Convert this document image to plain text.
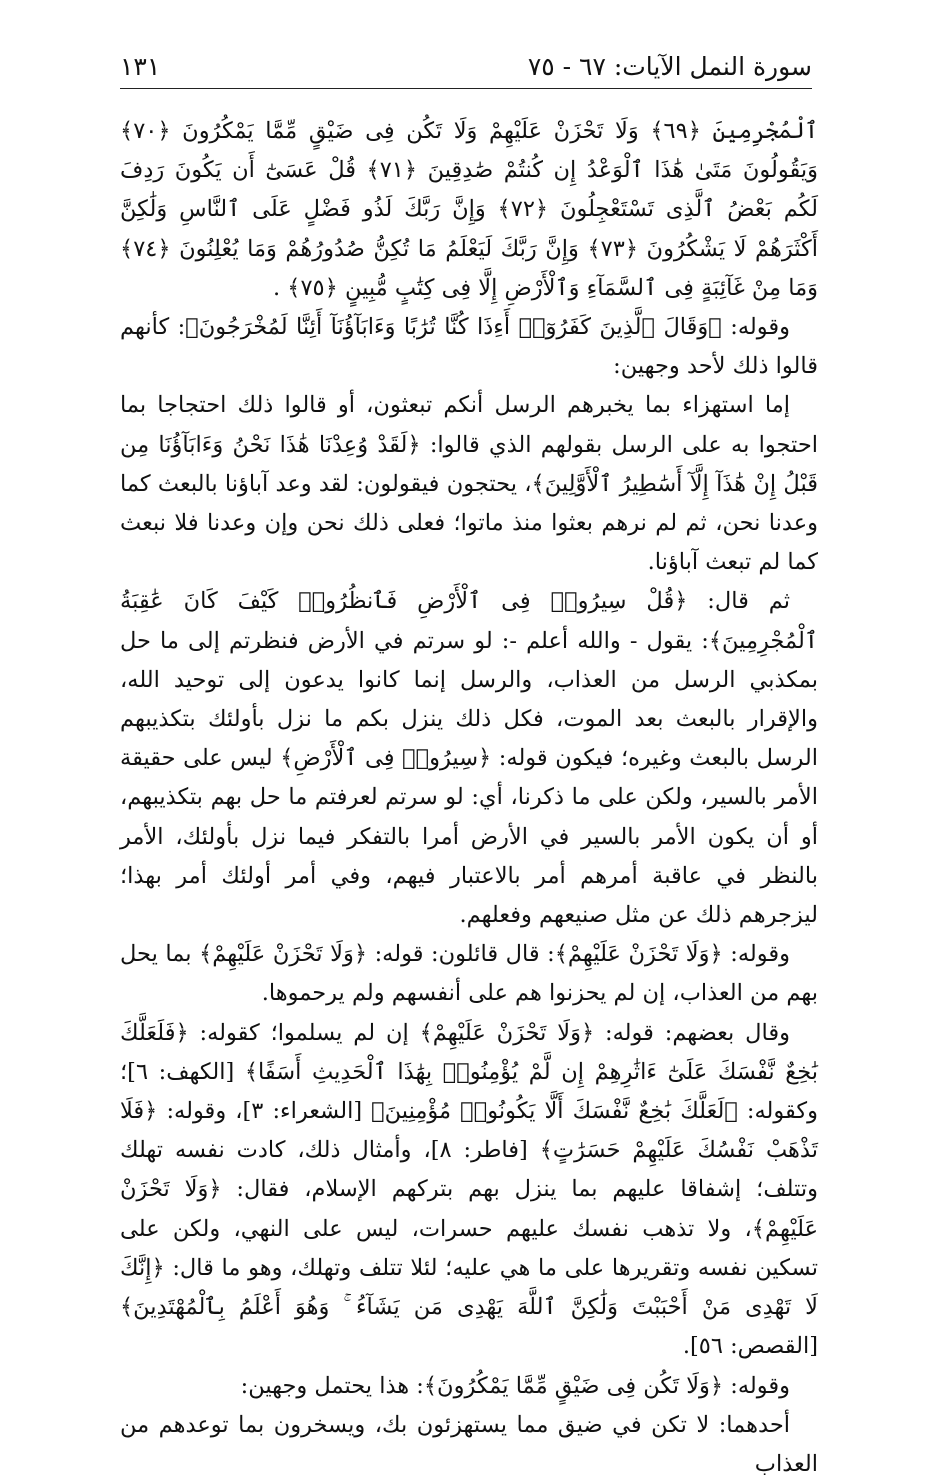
سورة النمل الآيات: ٦٧ - ٧٥
١٣١

ٱلْمُجْرِمِينَ ﴿٦٩﴾ وَلَا تَحْزَنْ عَلَيْهِمْ وَلَا تَكُن فِى ضَيْقٍ مِّمَّا يَمْكُرُونَ ﴿٧٠﴾ وَيَقُولُونَ مَتَىٰ هَٰذَا ٱلْوَعْدُ إِن كُنتُمْ صَٰدِقِينَ ﴿٧١﴾ قُلْ عَسَىٰٓ أَن يَكُونَ رَدِفَ لَكُم بَعْضُ ٱلَّذِى تَسْتَعْجِلُونَ ﴿٧٢﴾ وَإِنَّ رَبَّكَ لَذُو فَضْلٍ عَلَى ٱلنَّاسِ وَلَٰكِنَّ أَكْثَرَهُمْ لَا يَشْكُرُونَ ﴿٧٣﴾ وَإِنَّ رَبَّكَ لَيَعْلَمُ مَا تُكِنُّ صُدُورُهُمْ وَمَا يُعْلِنُونَ ﴿٧٤﴾ وَمَا مِنْ غَآئِبَةٍ فِى ٱلسَّمَآءِ وَٱلْأَرْضِ إِلَّا فِى كِتَٰبٍ مُّبِينٍ ﴿٧٥﴾ .

وقوله: ﴿وَقَالَ ٱلَّذِينَ كَفَرُوٓا۟ أَءِذَا كُنَّا تُرَٰبًا وَءَابَآؤُنَآ أَئِنَّا لَمُخْرَجُونَ﴾: كأنهم قالوا ذلك لأحد وجهين:

إما استهزاء بما يخبرهم الرسل أنكم تبعثون، أو قالوا ذلك احتجاجا بما احتجوا به على الرسل بقولهم الذي قالوا: ﴿لَقَدْ وُعِدْنَا هَٰذَا نَحْنُ وَءَابَآؤُنَا مِن قَبْلُ إِنْ هَٰذَآ إِلَّآ أَسَٰطِيرُ ٱلْأَوَّلِينَ﴾، يحتجون فيقولون: لقد وعد آباؤنا بالبعث كما وعدنا نحن، ثم لم نرهم بعثوا منذ ماتوا؛ فعلى ذلك نحن وإن وعدنا فلا نبعث كما لم تبعث آباؤنا.

ثم قال: ﴿قُلْ سِيرُوا۟ فِى ٱلْأَرْضِ فَٱنظُرُوا۟ كَيْفَ كَانَ عَٰقِبَةُ ٱلْمُجْرِمِينَ﴾: يقول - والله أعلم -: لو سرتم في الأرض فنظرتم إلى ما حل بمكذبي الرسل من العذاب، والرسل إنما كانوا يدعون إلى توحيد الله، والإقرار بالبعث بعد الموت، فكل ذلك ينزل بكم ما نزل بأولئك بتكذيبهم الرسل بالبعث وغيره؛ فيكون قوله: ﴿سِيرُوا۟ فِى ٱلْأَرْضِ﴾ ليس على حقيقة الأمر بالسير، ولكن على ما ذكرنا، أي: لو سرتم لعرفتم ما حل بهم بتكذيبهم، أو أن يكون الأمر بالسير في الأرض أمرا بالتفكر فيما نزل بأولئك، الأمر بالنظر في عاقبة أمرهم أمر بالاعتبار فيهم، وفي أمر أولئك أمر بهذا؛ ليزجرهم ذلك عن مثل صنيعهم وفعلهم.

وقوله: ﴿وَلَا تَحْزَنْ عَلَيْهِمْ﴾: قال قائلون: قوله: ﴿وَلَا تَحْزَنْ عَلَيْهِمْ﴾ بما يحل بهم من العذاب، إن لم يحزنوا هم على أنفسهم ولم يرحموها.

وقال بعضهم: قوله: ﴿وَلَا تَحْزَنْ عَلَيْهِمْ﴾ إن لم يسلموا؛ كقوله: ﴿فَلَعَلَّكَ بَٰخِعٌ نَّفْسَكَ عَلَىٰٓ ءَاثَٰرِهِمْ إِن لَّمْ يُؤْمِنُوا۟ بِهَٰذَا ٱلْحَدِيثِ أَسَفًا﴾ [الكهف: ٦]؛ وكقوله: ﴿لَعَلَّكَ بَٰخِعٌ نَّفْسَكَ أَلَّا يَكُونُوا۟ مُؤْمِنِينَ﴾ [الشعراء: ٣]، وقوله: ﴿فَلَا تَذْهَبْ نَفْسُكَ عَلَيْهِمْ حَسَرَٰتٍ﴾ [فاطر: ٨]، وأمثال ذلك، كادت نفسه تهلك وتتلف؛ إشفاقا عليهم بما ينزل بهم بتركهم الإسلام، فقال: ﴿وَلَا تَحْزَنْ عَلَيْهِمْ﴾، ولا تذهب نفسك عليهم حسرات، ليس على النهي، ولكن على تسكين نفسه وتقريرها على ما هي عليه؛ لئلا تتلف وتهلك، وهو ما قال: ﴿إِنَّكَ لَا تَهْدِى مَنْ أَحْبَبْتَ وَلَٰكِنَّ ٱللَّهَ يَهْدِى مَن يَشَآءُ ۚ وَهُوَ أَعْلَمُ بِٱلْمُهْتَدِينَ﴾ [القصص: ٥٦].

وقوله: ﴿وَلَا تَكُن فِى ضَيْقٍ مِّمَّا يَمْكُرُونَ﴾: هذا يحتمل وجهين:

أحدهما: لا تكن في ضيق مما يستهزئون بك، ويسخرون بما توعدهم من العذاب
